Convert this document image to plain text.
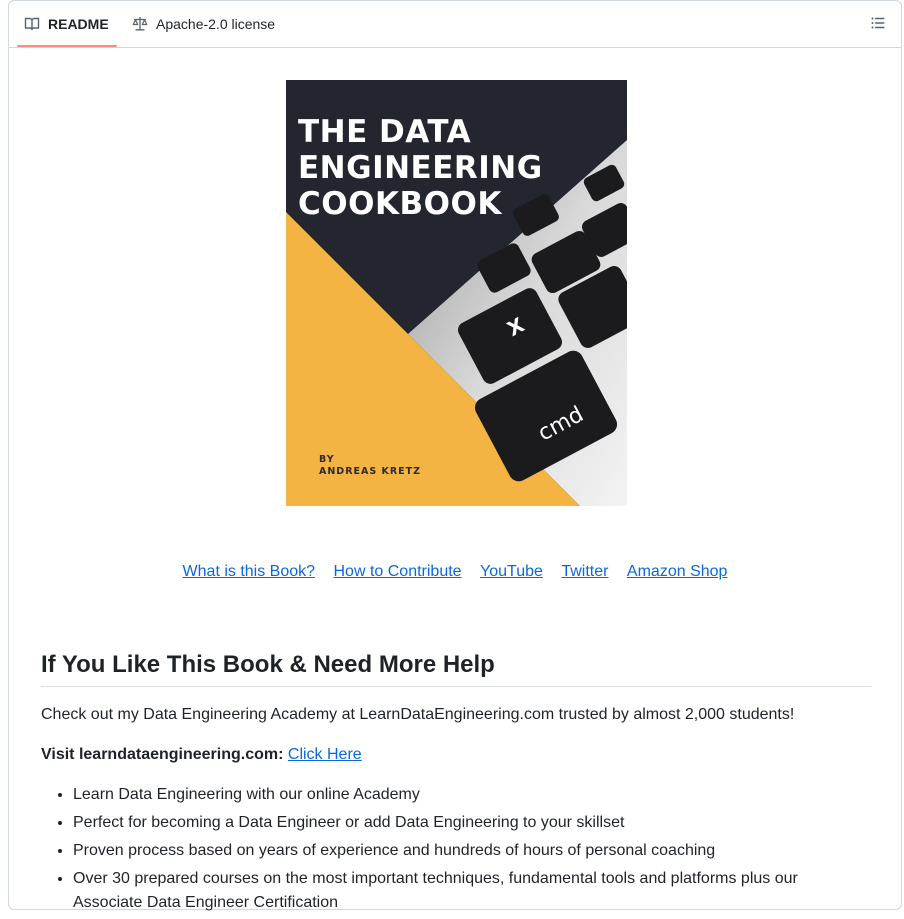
README	Apache-2.0 license
THE DATA
ENGINEERING
COOKBOOK
X
cmd
BY
ANDREAS KRETZ
What is this Book? How to Contribute YouTube Twitter Amazon Shop
If You Like This Book & Need More Help
Check out my Data Engineering Academy at LearnDataEngineering.com trusted by almost 2,000 students!
Visit learndataengineering.com: Click Here
• Learn Data Engineering with our online Academy
• Perfect for becoming a Data Engineer or add Data Engineering to your skillset
• Proven process based on years of experience and hundreds of hours of personal coaching
• Over 30 prepared courses on the most important techniques, fundamental tools and platforms plus our Associate Data Engineer Certification
